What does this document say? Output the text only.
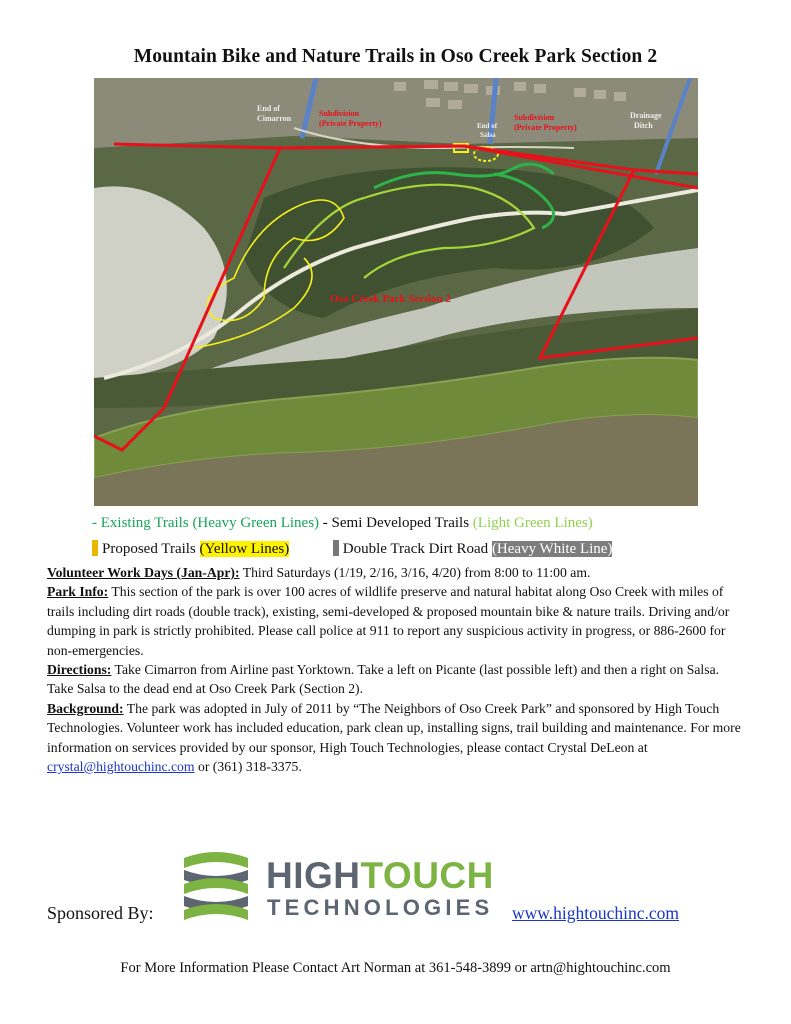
Mountain Bike and Nature Trails in Oso Creek Park Section 2
End of
Cimarron
Subdivision
(Private Property)	End of
Salsa
Subdivision
(Private Property)
Drainage
Ditch
Oso Creek Park Section 2
- Existing Trails (Heavy Green Lines) - Semi Developed Trails (Light Green Lines)
Proposed Trails (Yellow Lines)	Double Track Dirt Road (Heavy White Line)

Volunteer Work Days (Jan-Apr): Third Saturdays (1/19, 2/16, 3/16, 4/20) from 8:00 to 11:00 am.

Park Info: This section of the park is over 100 acres of wildlife preserve and natural habitat along Oso Creek with miles of trails including dirt roads (double track), existing, semi-developed & proposed mountain bike & nature trails. Driving and/or dumping in park is strictly prohibited. Please call police at 911 to report any suspicious activity in progress, or 886-2600 for non-emergencies.

Directions: Take Cimarron from Airline past Yorktown. Take a left on Picante (last possible left) and then a right on Salsa. Take Salsa to the dead end at Oso Creek Park (Section 2).

Background: The park was adopted in July of 2011 by “The Neighbors of Oso Creek Park” and sponsored by High Touch Technologies. Volunteer work has included education, park clean up, installing signs, trail building and maintenance. For more information on services provided by our sponsor, High Touch Technologies, please contact Crystal DeLeon at crystal@hightouchinc.com or (361) 318-3375.

HIGHTOUCH
TECHNOLOGIES
Sponsored By:	www.hightouchinc.com
For More Information Please Contact Art Norman at 361-548-3899 or artn@hightouchinc.com
